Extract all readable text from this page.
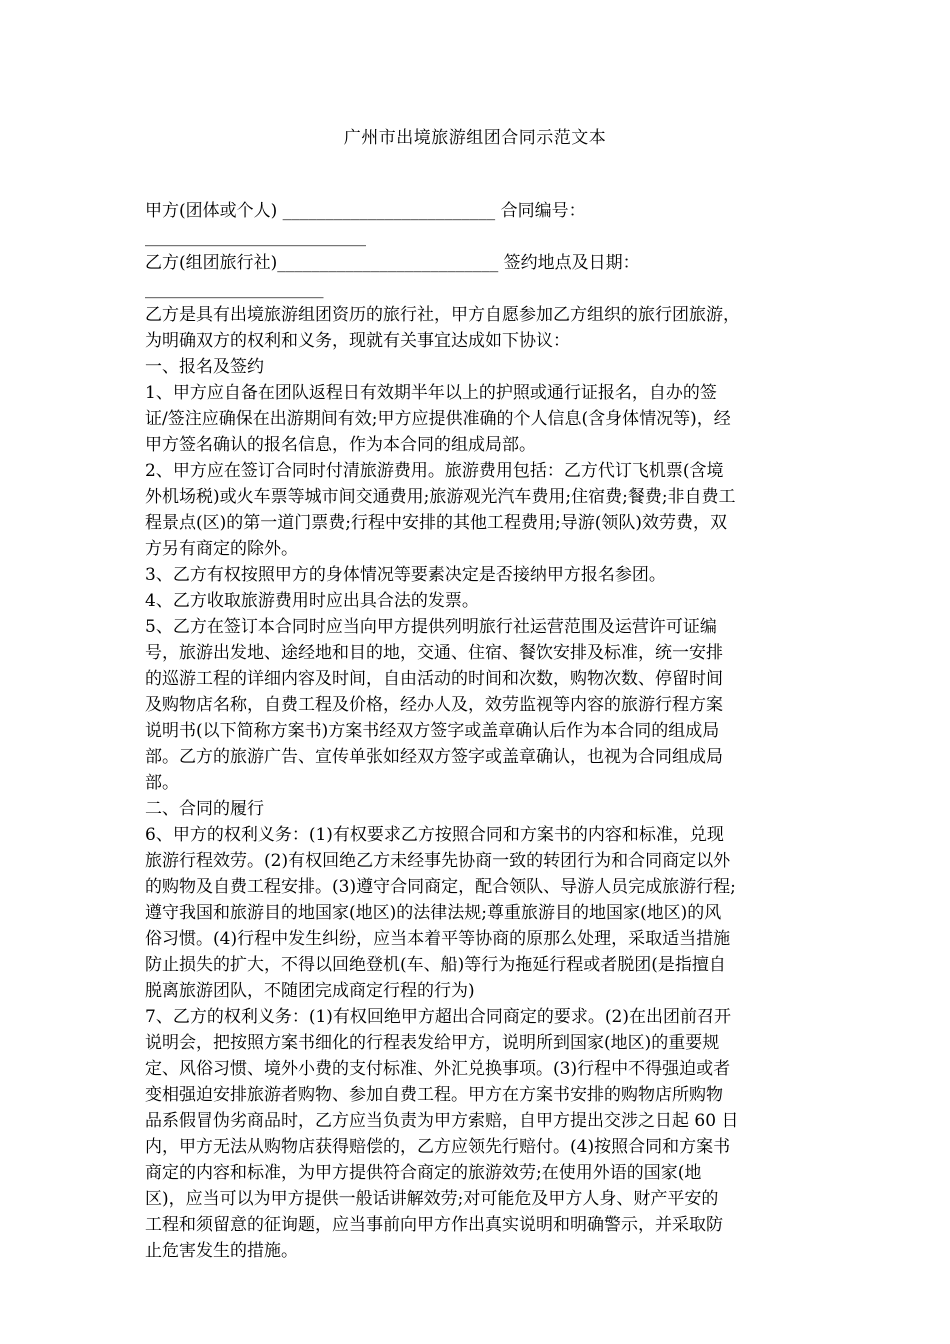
广州市出境旅游组团合同示范文本

甲方(团体或个人) _________________________ 合同编号：

__________________________

乙方(组团旅行社)__________________________ 签约地点及日期：

_____________________

乙方是具有出境旅游组团资历的旅行社，甲方自愿参加乙方组织的旅行团旅游，

为明确双方的权利和义务，现就有关事宜达成如下协议：

一、报名及签约

1、甲方应自备在团队返程日有效期半年以上的护照或通行证报名，自办的签

证/签注应确保在出游期间有效;甲方应提供准确的个人信息(含身体情况等)，经

甲方签名确认的报名信息，作为本合同的组成局部。

2、甲方应在签订合同时付清旅游费用。旅游费用包括：乙方代订飞机票(含境

外机场税)或火车票等城市间交通费用;旅游观光汽车费用;住宿费;餐费;非自费工

程景点(区)的第一道门票费;行程中安排的其他工程费用;导游(领队)效劳费，双

方另有商定的除外。

3、乙方有权按照甲方的身体情况等要素决定是否接纳甲方报名参团。

4、乙方收取旅游费用时应出具合法的发票。

5、乙方在签订本合同时应当向甲方提供列明旅行社运营范围及运营许可证编

号，旅游出发地、途经地和目的地，交通、住宿、餐饮安排及标准，统一安排

的巡游工程的详细内容及时间，自由活动的时间和次数，购物次数、停留时间

及购物店名称，自费工程及价格，经办人及，效劳监视等内容的旅游行程方案

说明书(以下简称方案书)方案书经双方签字或盖章确认后作为本合同的组成局

部。乙方的旅游广告、宣传单张如经双方签字或盖章确认，也视为合同组成局

部。

二、合同的履行

6、甲方的权利义务：(1)有权要求乙方按照合同和方案书的内容和标准，兑现

旅游行程效劳。(2)有权回绝乙方未经事先协商一致的转团行为和合同商定以外

的购物及自费工程安排。(3)遵守合同商定，配合领队、导游人员完成旅游行程;

遵守我国和旅游目的地国家(地区)的法律法规;尊重旅游目的地国家(地区)的风

俗习惯。(4)行程中发生纠纷，应当本着平等协商的原那么处理，采取适当措施

防止损失的扩大，不得以回绝登机(车、船)等行为拖延行程或者脱团(是指擅自

脱离旅游团队，不随团完成商定行程的行为)

7、乙方的权利义务：(1)有权回绝甲方超出合同商定的要求。(2)在出团前召开

说明会，把按照方案书细化的行程表发给甲方，说明所到国家(地区)的重要规

定、风俗习惯、境外小费的支付标准、外汇兑换事项。(3)行程中不得强迫或者

变相强迫安排旅游者购物、参加自费工程。甲方在方案书安排的购物店所购物

品系假冒伪劣商品时，乙方应当负责为甲方索赔，自甲方提出交涉之日起 60 日

内，甲方无法从购物店获得赔偿的，乙方应领先行赔付。(4)按照合同和方案书

商定的内容和标准，为甲方提供符合商定的旅游效劳;在使用外语的国家(地

区)，应当可以为甲方提供一般话讲解效劳;对可能危及甲方人身、财产平安的

工程和须留意的征询题，应当事前向甲方作出真实说明和明确警示，并采取防

止危害发生的措施。
